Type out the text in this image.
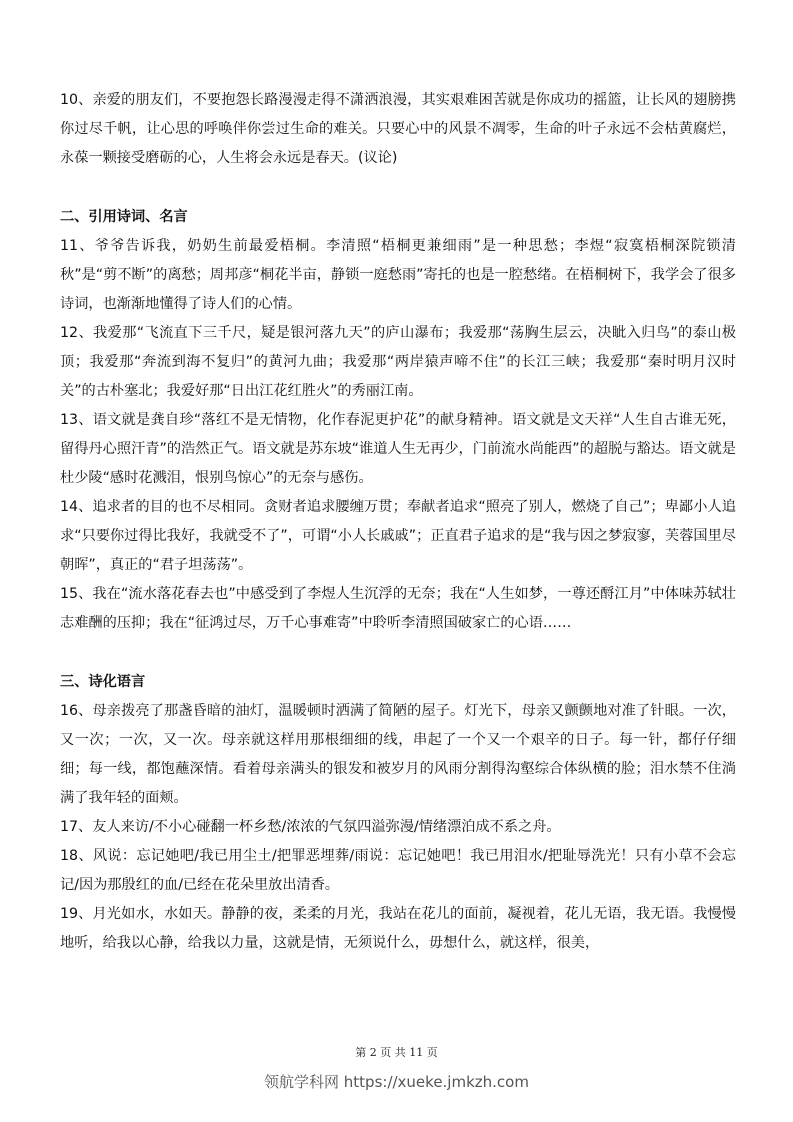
10、亲爱的朋友们，不要抱怨长路漫漫走得不潇洒浪漫，其实艰难困苦就是你成功的摇篮，让长风的翅膀携你过尽千帆，让心思的呼唤伴你尝过生命的难关。只要心中的风景不凋零，生命的叶子永远不会枯黄腐烂，永葆一颗接受磨砺的心，人生将会永远是春天。(议论)

二、引用诗词、名言

11、爷爷告诉我，奶奶生前最爱梧桐。李清照“梧桐更兼细雨”是一种思愁；李煜“寂寞梧桐深院锁清秋”是“剪不断”的离愁；周邦彦“桐花半亩，静锁一庭愁雨”寄托的也是一腔愁绪。在梧桐树下，我学会了很多诗词，也渐渐地懂得了诗人们的心情。

12、我爱那“飞流直下三千尺，疑是银河落九天”的庐山瀑布；我爱那“荡胸生层云，决眦入归鸟”的泰山极顶；我爱那“奔流到海不复归”的黄河九曲；我爱那“两岸猿声啼不住”的长江三峡；我爱那“秦时明月汉时关”的古朴塞北；我爱好那“日出江花红胜火”的秀丽江南。

13、语文就是龚自珍“落红不是无情物，化作春泥更护花”的献身精神。语文就是文天祥“人生自古谁无死，留得丹心照汗青”的浩然正气。语文就是苏东坡“谁道人生无再少，门前流水尚能西”的超脱与豁达。语文就是杜少陵“感时花溅泪，恨别鸟惊心”的无奈与感伤。

14、追求者的目的也不尽相同。贪财者追求腰缠万贯；奉献者追求“照亮了别人，燃烧了自己”；卑鄙小人追求“只要你过得比我好，我就受不了”，可谓“小人长戚戚”；正直君子追求的是“我与因之梦寂寥，芙蓉国里尽朝晖”，真正的“君子坦荡荡”。

15、我在“流水落花春去也”中感受到了李煜人生沉浮的无奈；我在“人生如梦，一尊还酹江月”中体味苏轼壮志难酬的压抑；我在“征鸿过尽，万千心事难寄”中聆听李清照国破家亡的心语……

三、诗化语言

16、母亲拨亮了那盏昏暗的油灯，温暖顿时洒满了简陋的屋子。灯光下，母亲又颤颤地对准了针眼。一次，又一次；一次，又一次。母亲就这样用那根细细的线，串起了一个又一个艰辛的日子。每一针，都仔仔细细；每一线，都饱蘸深情。看着母亲满头的银发和被岁月的风雨分割得沟壑综合体纵横的脸；泪水禁不住淌满了我年轻的面颊。

17、友人来访/不小心碰翻一杯乡愁/浓浓的气氛四溢弥漫/情绪漂泊成不系之舟。

18、风说：忘记她吧/我已用尘土/把罪恶埋葬/雨说：忘记她吧！我已用泪水/把耻辱洗光！只有小草不会忘记/因为那殷红的血/已经在花朵里放出清香。

19、月光如水，水如天。静静的夜，柔柔的月光，我站在花儿的面前，凝视着，花儿无语，我无语。我慢慢地听，给我以心静，给我以力量，这就是情，无须说什么，毋想什么，就这样，很美，

第 2 页 共 11 页
领航学科网 https://xueke.jmkzh.com
